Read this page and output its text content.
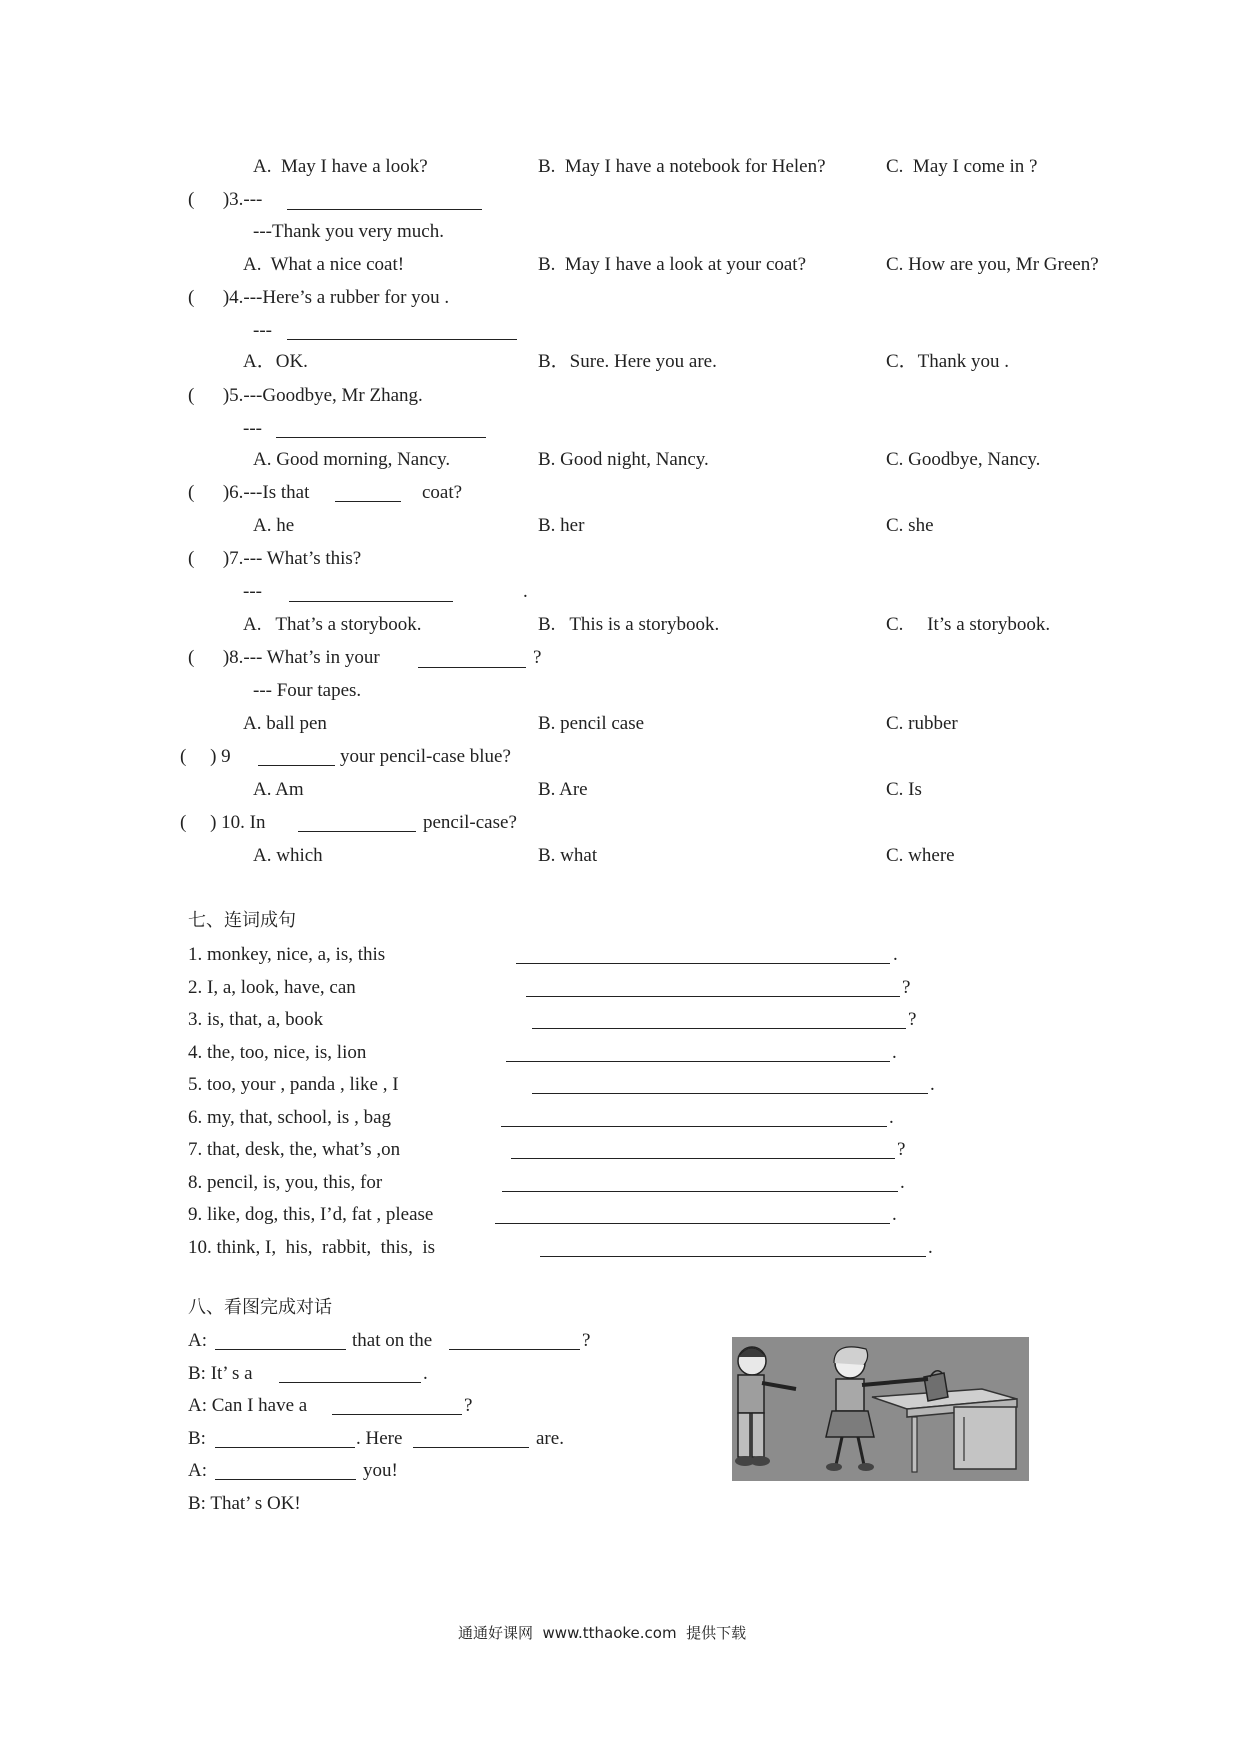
A.  May I have a look?	B.  May I have a notebook for Helen?	C.  May I come in ?
(      )3.---
---Thank you very much.
A.  What a nice coat!	B.  May I have a look at your coat?	C. How are you, Mr Green?
(      )4.---Here’s a rubber for you .
---
A．OK.	B．Sure. Here you are.	C．Thank you .
(      )5.---Goodbye, Mr Zhang.
---
A. Good morning, Nancy.	B. Good night, Nancy.	C. Goodbye, Nancy.
(      )6.---Is that	coat?
A. he	B. her	C. she
(      )7.--- What’s this?
---	.
A.   That’s a storybook.	B.   This is a storybook.	C.     It’s a storybook.
(      )8.--- What’s in your	?
--- Four tapes.
A. ball pen	B. pencil case	C. rubber
(     ) 9	your pencil-case blue?
A. Am	B. Are	C. Is
(     ) 10. In	pencil-case?
A. which	B. what	C. where
七、连词成句
1. monkey, nice, a, is, this	.
2. I, a, look, have, can	?
3. is, that, a, book	?
4. the, too, nice, is, lion	.
5. too, your , panda , like , I	.
6. my, that, school, is , bag	.
7. that, desk, the, what’s ,on	?
8. pencil, is, you, this, for	.
9. like, dog, this, I’d, fat , please	.
10. think, I,  his,  rabbit,  this,  is	.
八、看图完成对话
A:	that on the	?
B: It’ s a	.
A: Can I have a	?
B:	. Here	are.
A:	you!
B: That’ s OK!
通通好课网  www.tthaoke.com  提供下载
